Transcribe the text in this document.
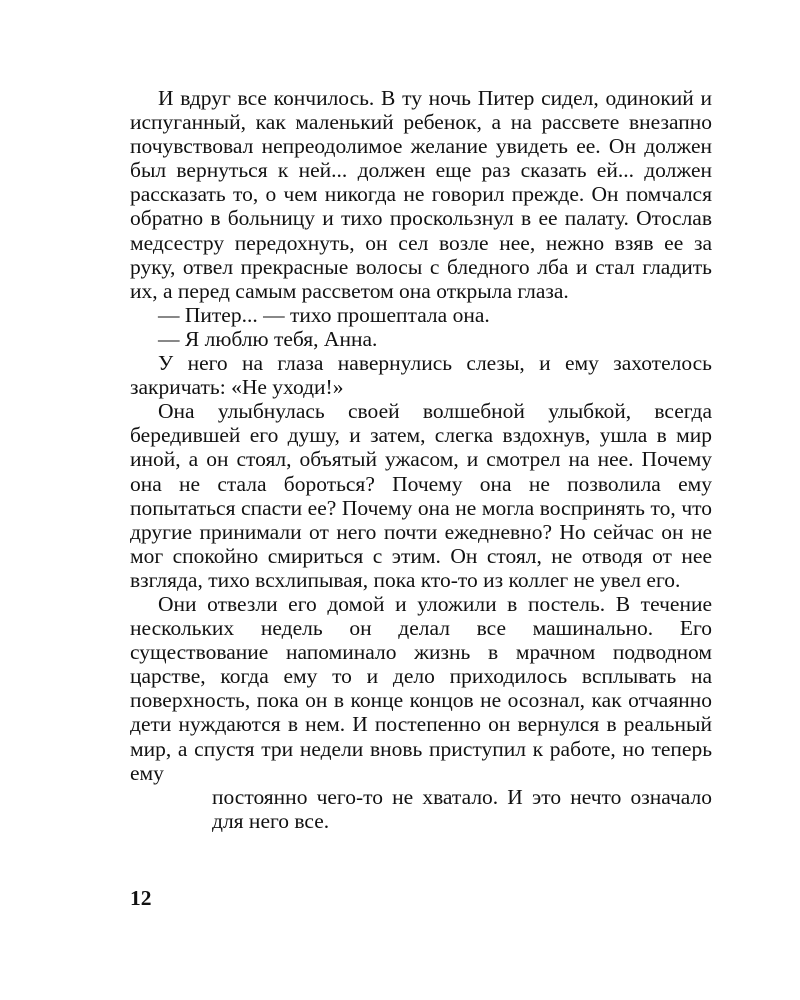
И вдруг все кончилось. В ту ночь Питер сидел, одинокий и испуганный, как маленький ребенок, а на рассвете внезапно почувствовал непреодолимое желание увидеть ее. Он должен был вернуться к ней... должен еще раз сказать ей... должен рассказать то, о чем никогда не говорил прежде. Он помчался обратно в больницу и тихо проскользнул в ее палату. Отослав медсестру передохнуть, он сел возле нее, нежно взяв ее за руку, отвел прекрасные волосы с бледного лба и стал гладить их, а перед самым рассветом она открыла глаза.

— Питер... — тихо прошептала она.

— Я люблю тебя, Анна.

У него на глаза навернулись слезы, и ему захотелось закричать: «Не уходи!»

Она улыбнулась своей волшебной улыбкой, всегда бередившей его душу, и затем, слегка вздохнув, ушла в мир иной, а он стоял, объятый ужасом, и смотрел на нее. Почему она не стала бороться? Почему она не позволила ему попытаться спасти ее? Почему она не могла воспринять то, что другие принимали от него почти ежедневно? Но сейчас он не мог спокойно смириться с этим. Он стоял, не отводя от нее взгляда, тихо всхлипывая, пока кто-то из коллег не увел его.

Они отвезли его домой и уложили в постель. В течение нескольких недель он делал все машинально. Его существование напоминало жизнь в мрачном подводном царстве, когда ему то и дело приходилось всплывать на поверхность, пока он в конце концов не осознал, как отчаянно дети нуждаются в нем. И постепенно он вернулся в реальный мир, а спустя три недели вновь приступил к работе, но теперь ему

постоянно чего-то не хватало. И это нечто означало для него все.

12
